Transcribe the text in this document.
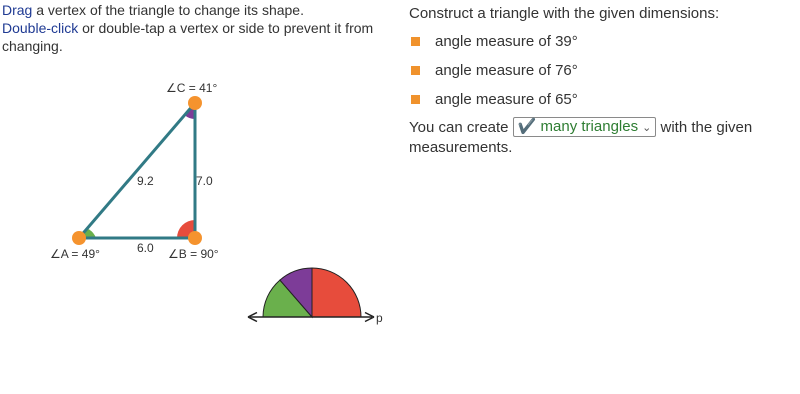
Drag a vertex of the triangle to change its shape.

Double-click or double-tap a vertex or side to prevent it from changing.

∠C = 41°
∠A = 49°	∠B = 90°
9.2	7.0
6.0
p

Construct a triangle with the given dimensions:

angle measure of 39°
angle measure of 76°
angle measure of 65°
You can create ✔️ many triangles ⌄ with the given measurements.
